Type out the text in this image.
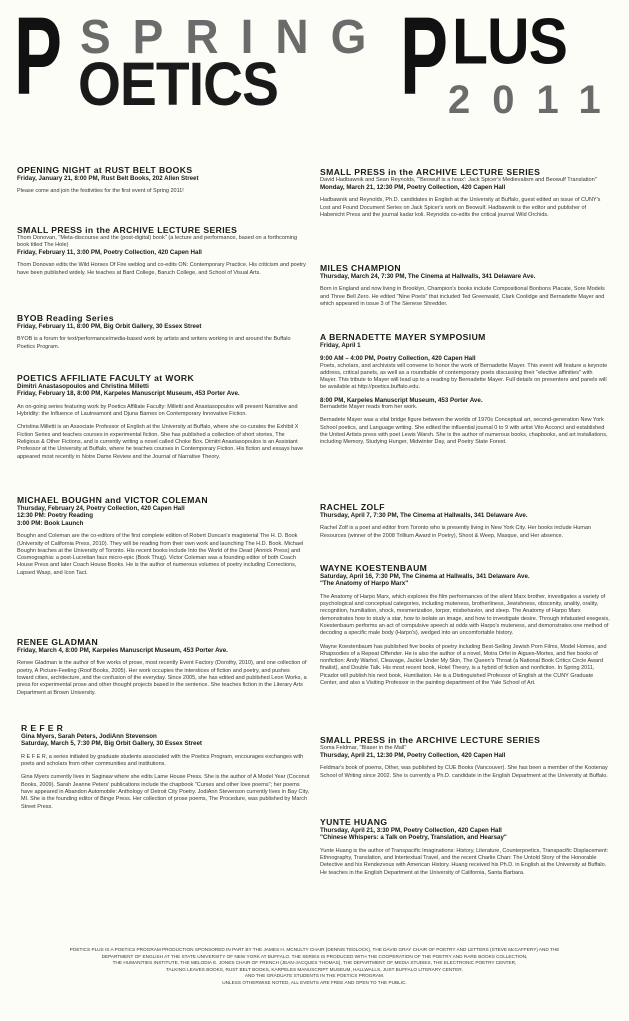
P SPRING
OETICS P LUS
2011
OPENING NIGHT at RUST BELT BOOKS
Friday, January 21, 8:00 PM, Rust Belt Books, 202 Allen Street

Please come and join the festivities for the first event of Spring 2011!

SMALL PRESS in the ARCHIVE LECTURE SERIES
Thom Donovan, "Meta-discourse and the (post-digital) book" (a lecture and performance, based on a forthcoming book titled The Hole)
Friday, February 11, 3:00 PM, Poetry Collection, 420 Capen Hall

Thom Donovan edits the Wild Horses Of Fire weblog and co-edits ON: Contemporary Practice. His criticism and poetry have been published widely. He teaches at Bard College, Baruch College, and School of Visual Arts.

BYOB Reading Series
Friday, February 11, 8:00 PM, Big Orbit Gallery, 30 Essex Street

BYOB is a forum for text/performance/media-based work by artists and writers working in and around the Buffalo Poetics Program.

POETICS AFFILIATE FACULTY at WORK
Dimitri Anastasopoulos and Christina Milletti
Friday, February 18, 8:00 PM, Karpeles Manuscript Museum, 453 Porter Ave.

An on-going series featuring work by Poetics Affiliate Faculty: Milletti and Anastasopoulos will present Narrative and Hybridity: the Influence of Lautreamont and Djuna Barnes on Contemporary Innovative Fiction.

Christina Milletti is an Associate Professor of English at the University at Buffalo, where she co-curates the Exhibit X Fiction Series and teaches courses in experimental fiction. She has published a collection of short stories, The Religious & Other Fictions, and is currently writing a novel called Choke Box. Dimitri Anastasopoulos is an Assistant Professor at the University at Buffalo, where he teaches courses in Contemporary Fiction. His fiction and essays have appeared most recently in Notre Dame Review and the Journal of Narrative Theory.

MICHAEL BOUGHN and VICTOR COLEMAN
Thursday, February 24, Poetry Collection, 420 Capen Hall
12:30 PM: Poetry Reading
3:00 PM: Book Launch

Boughn and Coleman are the co-editors of the first complete edition of Robert Duncan's magisterial The H. D. Book (University of California Press, 2010). They will be reading from their own work and launching The H.D. Book. Michael Boughn teaches at the University of Toronto. His recent books include Into the World of the Dead (Annick Press) and Cosmographia: a post-Lucretian faux micro-epic (Book Thug). Victor Coleman was a founding editor of both Coach House Press and later Coach House Books. He is the author of numerous volumes of poetry including Corrections, Lapsed Wasp, and Icon Tact.

RENEE GLADMAN
Friday, March 4, 8:00 PM, Karpeles Manuscript Museum, 453 Porter Ave.

Renee Gladman is the author of five works of prose, most recently Event Factory (Dorothy, 2010), and one collection of poetry, A Picture-Feeling (Roof Books, 2005). Her work occupies the interstices of fiction and poetry, and pushes toward cities, architecture, and the confusion of the everyday. Since 2005, she has edited and published Leon Works, a press for experimental prose and other thought projects based in the sentence. She teaches fiction in the Literary Arts Department at Brown University.

R E F E R
Gina Myers, Sarah Peters, JodiAnn Stevenson
Saturday, March 5, 7:30 PM, Big Orbit Gallery, 30 Essex Street

R E F E R, a series initiated by graduate students associated with the Poetics Program, encourages exchanges with poets and scholars from other communities and institutions.

Gina Myers currently lives in Saginaw where she edits Lame House Press. She is the author of A Model Year (Coconut Books, 2009). Sarah Jeanne Peters' publications include the chapbook "Curses and other love poems"; her poems have appeared in Abandon Automobile: Anthology of Detroit City Poetry. JodiAnn Stevenson currently lives in Bay City, MI. She is the founding editor of Binge Press. Her collection of prose poems, The Procedure, was published by March Street Press.

SMALL PRESS in the ARCHIVE LECTURE SERIES
David Hadbawnik and Sean Reynolds, "'Beowulf is a hoax': Jack Spicer's Medievalism and Beowulf Translation"
Monday, March 21, 12:30 PM, Poetry Collection, 420 Capen Hall

Hadbawnik and Reynolds, Ph.D. candidates in English at the University at Buffalo, guest edited an issue of CUNY's Lost and Found Document Series on Jack Spicer's work on Beowulf. Hadbawnik is the editor and publisher of Habenicht Press and the journal kadar koli. Reynolds co-edits the critical journal Wild Orchids.

MILES CHAMPION
Thursday, March 24, 7:30 PM, The Cinema at Hallwalls, 341 Delaware Ave.

Born in England and now living in Brooklyn, Champion's books include Compositional Bonbons Placate, Sore Models and Three Bell Zero. He edited "Nine Poets" that included Ted Greenwald, Clark Coolidge and Bernadette Mayer and which appeared in issue 3 of The Sienese Shredder.

A BERNADETTE MAYER SYMPOSIUM
Friday, April 1
9:00 AM – 4:00 PM, Poetry Collection, 420 Capen Hall
Poets, scholars, and archivists will convene to honor the work of Bernadette Mayer. This event will feature a keynote address, critical panels, as well as a roundtable of contemporary poets discussing their "elective affinities" with Mayer. This tribute to Mayer will lead up to a reading by Bernadette Mayer. Full details on presenters and panels will be available at http://poetics.buffalo.edu.
8:00 PM, Karpeles Manuscript Museum, 453 Porter Ave.
Bernadette Mayer reads from her work.

Bernadete Mayer was a vital bridge figure between the worlds of 1970s Conceptual art, second-generation New York School poetics, and Language writing. She edited the influential journal 0 to 9 with artist Vito Acconci and established the United Artists press with poet Lewis Warsh. She is the author of numerous books, chapbooks, and art installations, including Memory, Studying Hunger, Midwinter Day, and Poetry State Forest.

RACHEL ZOLF
Thursday, April 7, 7:30 PM, The Cinema at Hallwalls, 341 Delaware Ave.

Rachel Zolf is a poet and editor from Toronto who is presently living in New York City. Her books include Human Resources (winner of the 2008 Trillium Award in Poetry), Shoot & Weep, Masque, and Her absence.

WAYNE KOESTENBAUM
Saturday, April 16, 7:30 PM, The Cinema at Hallwalls, 341 Delaware Ave.
"The Anatomy of Harpo Marx"

The Anatomy of Harpo Marx, which explores the film performances of the silent Marx brother, investigates a variety of psychological and conceptual categories, including muteness, brotherliness, Jewishness, obscenity, anality, orality, recognition, humiliation, shock, mesmerization, torpor, misbehavior, and sleep. The Anatomy of Harpo Marx demonstrates how to study a star, how to isolate an image, and how to investigate desire. Through infatuated exegesis, Koestenbaum performs an act of compulsive speech at odds with Harpo's muteness, and demonstrates one method of decoding a specific male body (Harpo's), wedged into an uncomfortable history.

Wayne Koestenbaum has published five books of poetry including Best-Selling Jewish Porn Films, Model Homes, and Rhapsodies of a Repeat Offender. He is also the author of a novel, Moira Orfei in Aigues-Mortes, and five books of nonfiction: Andy Warhol, Cleavage, Jackie Under My Skin, The Queen's Throat (a National Book Critics Circle Award finalist), and Double Talk. His most recent book, Hotel Theory, is a hybrid of fiction and nonfiction. In Spring 2011, Picador will publish his next book, Humiliation. He is a Distinguished Professor of English at the CUNY Graduate Center, and also a Visiting Professor in the painting department of the Yale School of Art.

SMALL PRESS in the ARCHIVE LECTURE SERIES
Soma Feldmar, "Blaser in the Mall"
Thursday, April 21, 12:30 PM, Poetry Collection, 420 Capen Hall

Feldmar's book of poems, Other, was published by CUE Books (Vancouver). She has been a member of the Kootenay School of Writing since 2002. She is currently a Ph.D. candidate in the English Department at the University at Buffalo.

YUNTE HUANG
Thursday, April 21, 3:30 PM, Poetry Collection, 420 Capen Hall
"Chinese Whispers: a Talk on Poetry, Translation, and Hearsay"

Yunte Huang is the author of Transpacific Imaginations: History, Literature, Counterpoetics, Transpacific Displacement: Ethnography, Translation, and Intertextual Travel, and the recent Charlie Chan: The Untold Story of the Honorable Detective and his Rendezvous with American History. Huang received his Ph.D. in English at the University at Buffalo. He teaches in the English Department at the University of California, Santa Barbara.

POETICS PLUS IS A POETICS PROGRAM PRODUCTION SPONSORED IN PART BY THE JAMES H. MCNULTY CHAIR (DENNIS TEDLOCK), THE DAVID GRAY CHAIR OF POETRY AND LETTERS (STEVE McCAFFERY) AND THE
DEPARTMENT OF ENGLISH AT THE STATE UNIVERSITY OF NEW YORK AT BUFFALO. THE SERIES IS PRODUCED WITH THE COOPERATION OF THE POETRY AND RARE BOOKS COLLECTION,
THE HUMANITIES INSTITUTE, THE MELODIA E. JONES CHAIR OF FRENCH (JEAN-JACQUES THOMAS), THE DEPARTMENT OF MEDIA STUDIES, THE ELECTRONIC POETRY CENTER,
TALKING LEAVES BOOKS, RUST BELT BOOKS, KARPELES MANUSCRIPT MUSEUM, HALLWALLS, JUST BUFFALO LITERARY CENTER,
AND THE GRADUATE STUDENTS IN THE POETICS PROGRAM.
UNLESS OTHERWISE NOTED, ALL EVENTS ARE FREE AND OPEN TO THE PUBLIC.
